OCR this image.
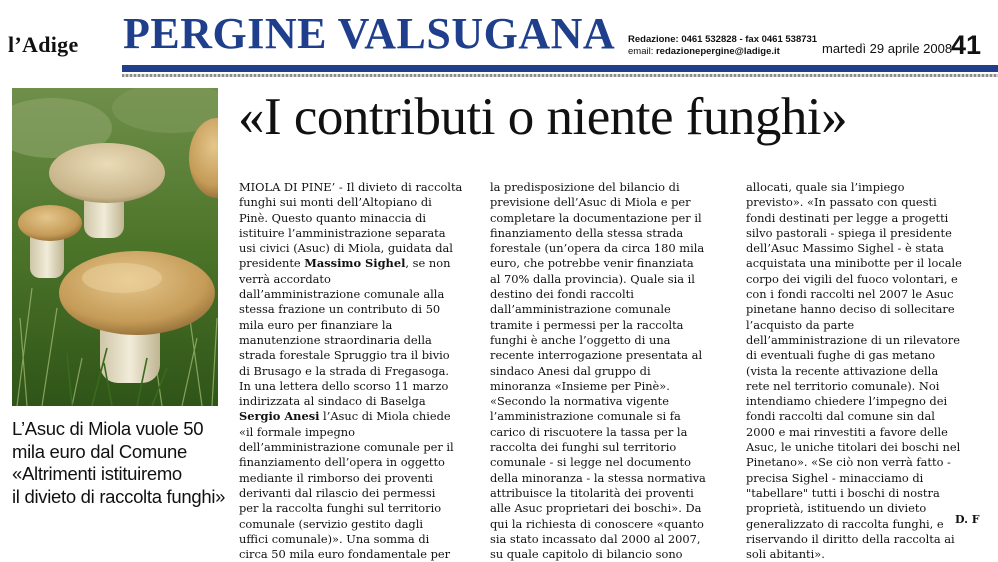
l’Adige PERGINE VALSUGANA Redazione: 0461 532828 - fax 0461 538731
email: redazionepergine@ladige.it	martedì 29 aprile 2008
41
L’Asuc di Miola vuole 50
mila euro dal Comune
«Altrimenti istituiremo
il divieto di raccolta funghi»
«I contributi o niente funghi»
MIOLA DI PINE’ - Il divieto di raccolta
funghi sui monti dell’Altopiano di
Pinè. Questo quanto minaccia di
istituire l’amministrazione separata
usi civici (Asuc) di Miola, guidata dal
presidente Massimo Sighel, se non
verrà accordato
dall’amministrazione comunale alla
stessa frazione un contributo di 50
mila euro per finanziare la
manutenzione straordinaria della
strada forestale Spruggio tra il bivio
di Brusago e la strada di Fregasoga.
In una lettera dello scorso 11 marzo
indirizzata al sindaco di Baselga
Sergio Anesi l’Asuc di Miola chiede
«il formale impegno
dell’amministrazione comunale per il
finanziamento dell’opera in oggetto
mediante il rimborso dei proventi
derivanti dal rilascio dei permessi
per la raccolta funghi sul territorio
comunale (servizio gestito dagli
uffici comunale)». Una somma di
circa 50 mila euro fondamentale per
la predisposizione del bilancio di
previsione dell’Asuc di Miola e per
completare la documentazione per il
finanziamento della stessa strada
forestale (un’opera da circa 180 mila
euro, che potrebbe venir finanziata
al 70% dalla provincia). Quale sia il
destino dei fondi raccolti
dall’amministrazione comunale
tramite i permessi per la raccolta
funghi è anche l’oggetto di una
recente interrogazione presentata al
sindaco Anesi dal gruppo di
minoranza «Insieme per Pinè».
«Secondo la normativa vigente
l’amministrazione comunale si fa
carico di riscuotere la tassa per la
raccolta dei funghi sul territorio
comunale - si legge nel documento
della minoranza - la stessa normativa
attribuisce la titolarità dei proventi
alle Asuc proprietari dei boschi». Da
qui la richiesta di conoscere «quanto
sia stato incassato dal 2000 al 2007,
su quale capitolo di bilancio sono
allocati, quale sia l’impiego
previsto». «In passato con questi
fondi destinati per legge a progetti
silvo pastorali - spiega il presidente
dell’Asuc Massimo Sighel - è stata
acquistata una minibotte per il locale
corpo dei vigili del fuoco volontari, e
con i fondi raccolti nel 2007 le Asuc
pinetane hanno deciso di sollecitare
l’acquisto da parte
dell’amministrazione di un rilevatore
di eventuali fughe di gas metano
(vista la recente attivazione della
rete nel territorio comunale). Noi
intendiamo chiedere l’impegno dei
fondi raccolti dal comune sin dal
2000 e mai rinvestiti a favore delle
Asuc, le uniche titolari dei boschi nel
Pinetano». «Se ciò non verrà fatto -
precisa Sighel - minacciamo di
"tabellare" tutti i boschi di nostra
proprietà, istituendo un divieto
generalizzato di raccolta funghi, e
riservando il diritto della raccolta ai
soli abitanti».
D. F
